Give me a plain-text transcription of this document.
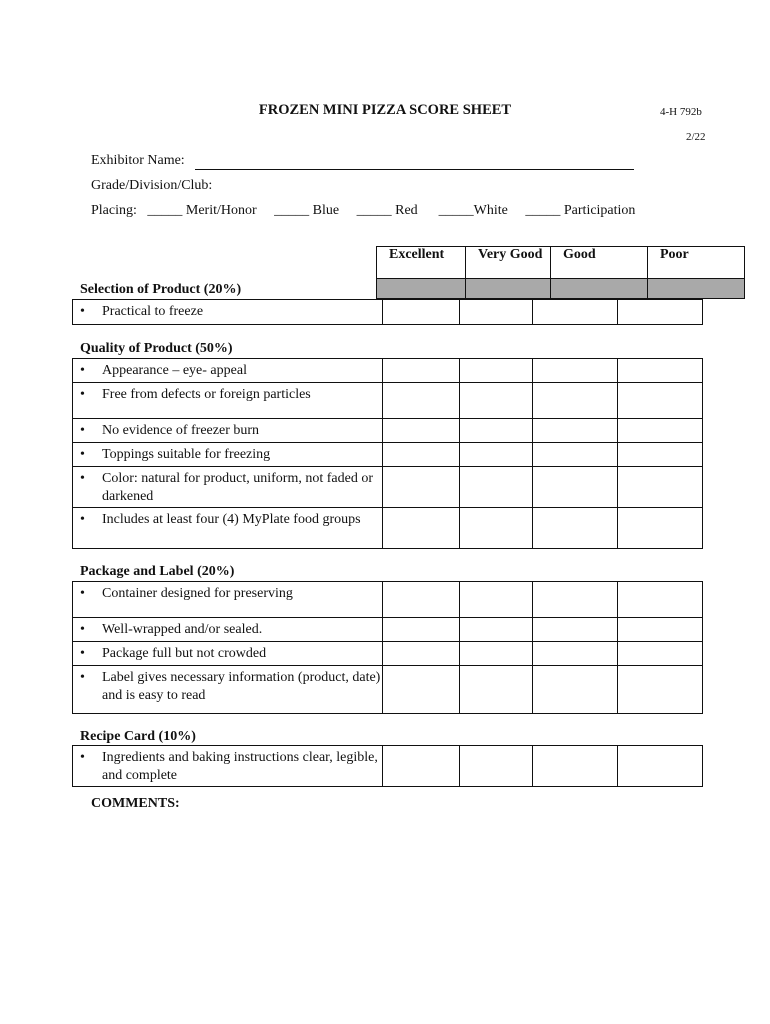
FROZEN MINI PIZZA SCORE SHEET	4-H 792b
2/22
Exhibitor Name:
Grade/Division/Club:
Placing: _____ Merit/Honor _____ Blue _____ Red _____White _____ Participation
Excellent	Very Good	Good	Poor

Selection of Product (20%)
•	Practical to freeze

Quality of Product (50%)
• Appearance – eye- appeal				

• Free from defects or foreign particles				

• No evidence of freezer burn				

• Toppings suitable for freezing				

• Color: natural for product, uniform, not faded or darkened				

• Includes at least four (4) MyPlate food groups				

Package and Label (20%)
• Container designed for preserving				

• Well-wrapped and/or sealed.				

• Package full but not crowded				

• Label gives necessary information (product, date) and is easy to read				

Recipe Card (10%)
•	Ingredients and baking instructions clear, legible, and complete

COMMENTS:
